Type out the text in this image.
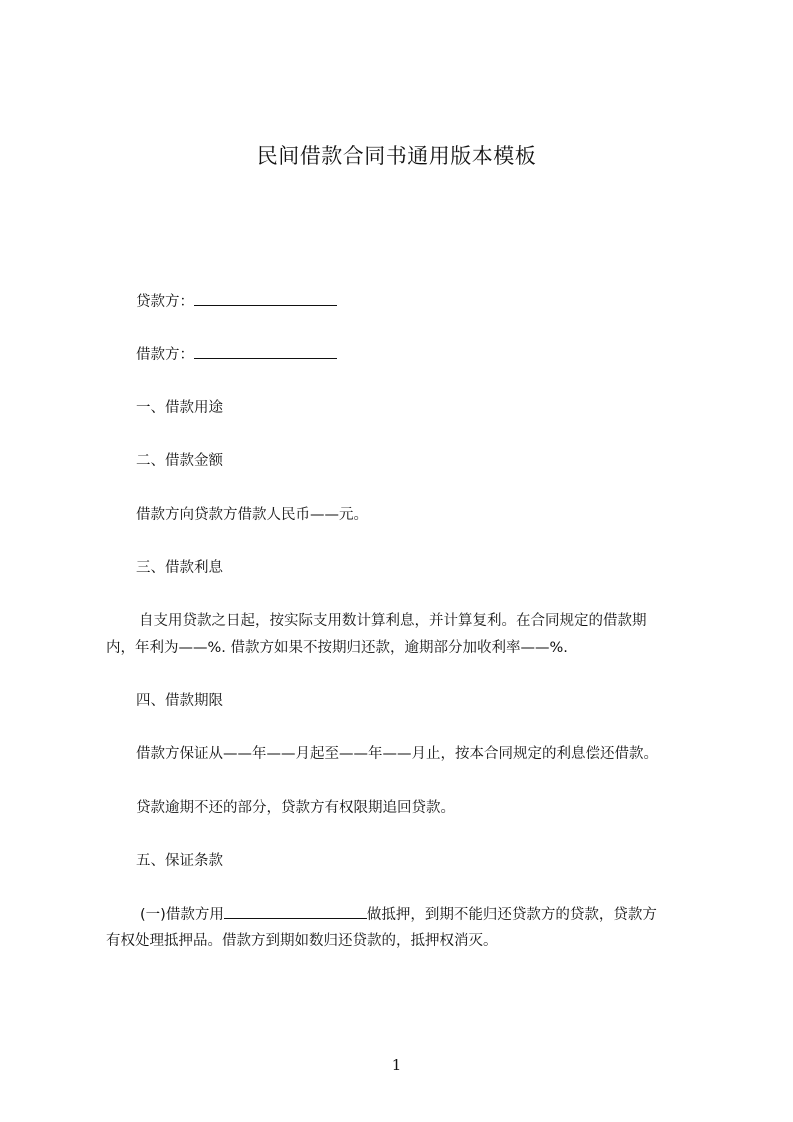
民间借款合同书通用版本模板
贷款方：
借款方：
一、借款用途
二、借款金额
借款方向贷款方借款人民币——元。
三、借款利息
自支用贷款之日起，按实际支用数计算利息，并计算复利。在合同规定的借款期
内，年利为——%. 借款方如果不按期归还款，逾期部分加收利率——%.
四、借款期限
借款方保证从——年——月起至——年——月止，按本合同规定的利息偿还借款。
贷款逾期不还的部分，贷款方有权限期追回贷款。
五、保证条款
(一)借款方用	做抵押，到期不能归还贷款方的贷款，贷款方
有权处理抵押品。借款方到期如数归还贷款的，抵押权消灭。
1
